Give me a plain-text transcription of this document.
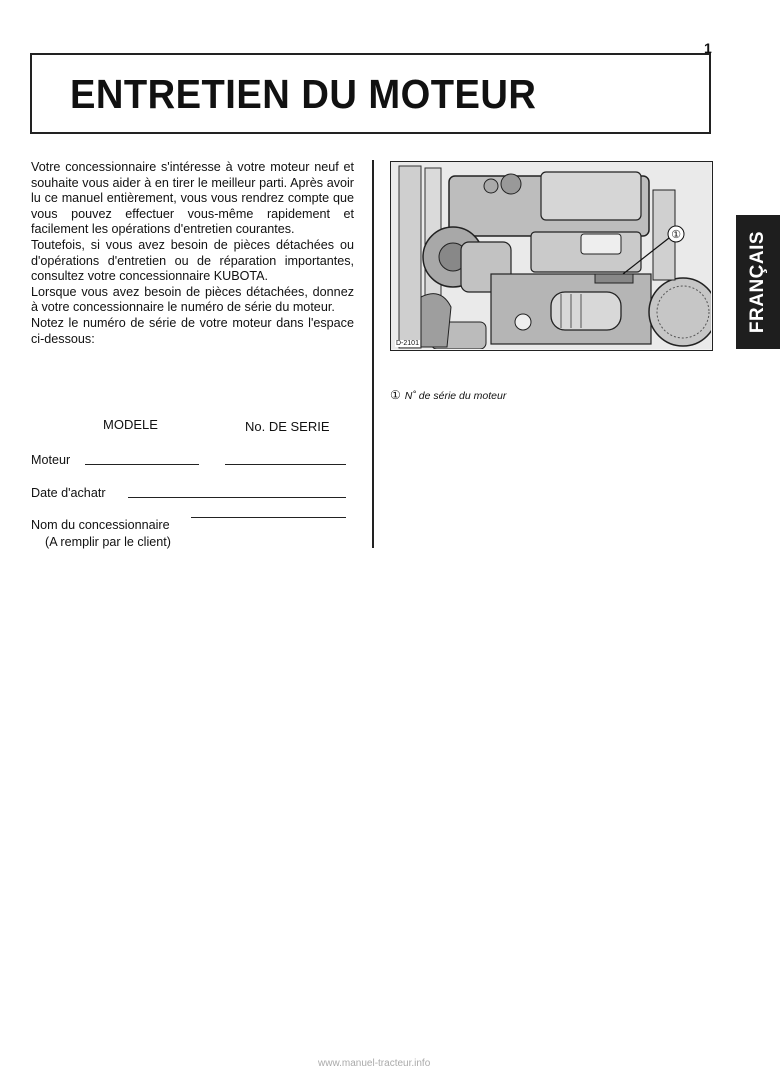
1
ENTRETIEN DU MOTEUR

Votre concessionnaire s'intéresse à votre moteur neuf et souhaite vous aider à en tirer le meilleur parti. Après avoir lu ce manuel entièrement, vous vous rendrez compte que vous pouvez effectuer vous-même rapidement et facilement les opérations d'entretien courantes.

Toutefois, si vous avez besoin de pièces détachées ou d'opérations d'entretien ou de réparation importantes, consultez votre concessionnaire KUBOTA.

Lorsque vous avez besoin de pièces détachées, donnez à votre concessionnaire le numéro de série du moteur.

Notez le numéro de série de votre moteur dans l'espace ci-dessous:

MODELE	No. DE SERIE
Moteur
Date d'achatr
Nom du concessionnaire
(A remplir par le client)
①
D-2101
① N˚ de série du moteur
FRANÇAIS
www.manuel-tracteur.info
